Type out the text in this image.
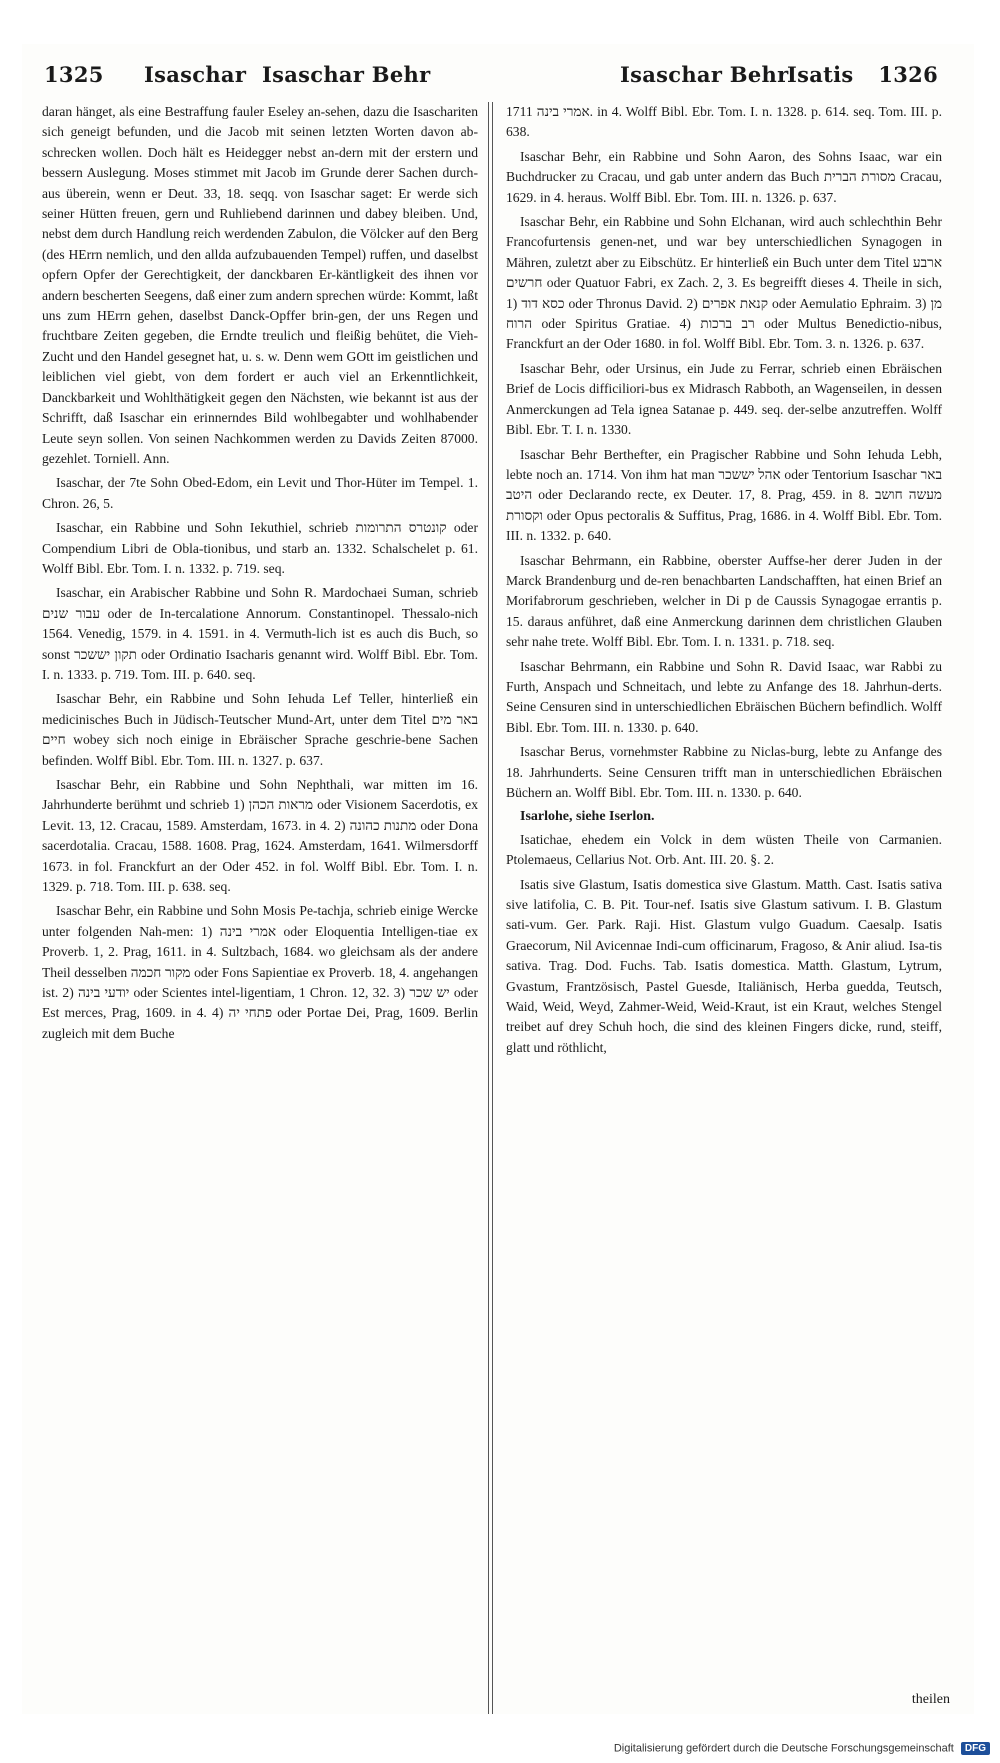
1325 Isaschar Isaschar Behr	Isaschar Behr
Isatis 1326

daran hänget, als eine Bestraffung fauler Eseley an-sehen, dazu die Isaschariten sich geneigt befunden, und die Jacob mit seinen letzten Worten davon ab-schrecken wollen. Doch hält es Heidegger nebst an-dern mit der erstern und bessern Auslegung. Moses stimmet mit Jacob im Grunde derer Sachen durch-aus überein, wenn er Deut. 33, 18. seqq. von Isaschar saget: Er werde sich seiner Hütten freuen, gern und Ruhliebend darinnen und dabey bleiben. Und, nebst dem durch Handlung reich werdenden Zabulon, die Völcker auf den Berg (des HErrn nemlich, und den allda aufzubauenden Tempel) ruffen, und daselbst opfern Opfer der Gerechtigkeit, der danckbaren Er-käntligkeit des ihnen vor andern bescherten Seegens, daß einer zum andern sprechen würde: Kommt, laßt uns zum HErrn gehen, daselbst Danck-Opffer brin-gen, der uns Regen und fruchtbare Zeiten gegeben, die Erndte treulich und fleißig behütet, die Vieh-Zucht und den Handel gesegnet hat, u. s. w. Denn wem GOtt im geistlichen und leiblichen viel giebt, von dem fordert er auch viel an Erkenntlichkeit, Danckbarkeit und Wohlthätigkeit gegen den Nächsten, wie bekannt ist aus der Schrifft, daß Isaschar ein erinnerndes Bild wohlbegabter und wohlhabender Leute seyn sollen. Von seinen Nachkommen werden zu Davids Zeiten 87000. gezehlet. Torniell. Ann.

Isaschar, der 7te Sohn Obed-Edom, ein Levit und Thor-Hüter im Tempel. 1. Chron. 26, 5.

Isaschar, ein Rabbine und Sohn Iekuthiel, schrieb קונטרס התרומות oder Compendium Libri de Obla-tionibus, und starb an. 1332. Schalschelet p. 61. Wolff Bibl. Ebr. Tom. I. n. 1332. p. 719. seq.

Isaschar, ein Arabischer Rabbine und Sohn R. Mardochaei Suman, schrieb עבור שנים oder de In-tercalatione Annorum. Constantinopel. Thessalo-nich 1564. Venedig, 1579. in 4. 1591. in 4. Vermuth-lich ist es auch dis Buch, so sonst תקון יששכר oder Ordinatio Isacharis genannt wird. Wolff Bibl. Ebr. Tom. I. n. 1333. p. 719. Tom. III. p. 640. seq.

Isaschar Behr, ein Rabbine und Sohn Iehuda Lef Teller, hinterließ ein medicinisches Buch in Jüdisch-Teutscher Mund-Art, unter dem Titel באר מים חיים wobey sich noch einige in Ebräischer Sprache geschrie-bene Sachen befinden. Wolff Bibl. Ebr. Tom. III. n. 1327. p. 637.

Isaschar Behr, ein Rabbine und Sohn Nephthali, war mitten im 16. Jahrhunderte berühmt und schrieb 1) מראות הכהן oder Visionem Sacerdotis, ex Levit. 13, 12. Cracau, 1589. Amsterdam, 1673. in 4. 2) מתנות כהונה oder Dona sacerdotalia. Cracau, 1588. 1608. Prag, 1624. Amsterdam, 1641. Wilmersdorff 1673. in fol. Franckfurt an der Oder 452. in fol. Wolff Bibl. Ebr. Tom. I. n. 1329. p. 718. Tom. III. p. 638. seq.

Isaschar Behr, ein Rabbine und Sohn Mosis Pe-tachja, schrieb einige Wercke unter folgenden Nah-men: 1) אמרי בינה oder Eloquentia Intelligen-tiae ex Proverb. 1, 2. Prag, 1611. in 4. Sultzbach, 1684. wo gleichsam als der andere Theil desselben מקור חכמה oder Fons Sapientiae ex Proverb. 18, 4. angehangen ist. 2) יודעי בינה oder Scientes intel-ligentiam, 1 Chron. 12, 32. 3) יש שכר oder Est merces, Prag, 1609. in 4. 4) פתחי יה oder Portae Dei, Prag, 1609. Berlin zugleich mit dem Buche

אמרי בינה 1711. in 4. Wolff Bibl. Ebr. Tom. I. n. 1328. p. 614. seq. Tom. III. p. 638.

Isaschar Behr, ein Rabbine und Sohn Aaron, des Sohns Isaac, war ein Buchdrucker zu Cracau, und gab unter andern das Buch מסורת הברית Cracau, 1629. in 4. heraus. Wolff Bibl. Ebr. Tom. III. n. 1326. p. 637.

Isaschar Behr, ein Rabbine und Sohn Elchanan, wird auch schlechthin Behr Francofurtensis genen-net, und war bey unterschiedlichen Synagogen in Mähren, zuletzt aber zu Eibschütz. Er hinterließ ein Buch unter dem Titel ארבע חרשים oder Quatuor Fabri, ex Zach. 2, 3. Es begreifft dieses 4. Theile in sich, 1) כסא דוד oder Thronus David. 2) קנאת אפרים oder Aemulatio Ephraim. 3) מן הרוח oder Spiritus Gratiae. 4) רב ברכות oder Multus Benedictio-nibus, Franckfurt an der Oder 1680. in fol. Wolff Bibl. Ebr. Tom. 3. n. 1326. p. 637.

Isaschar Behr, oder Ursinus, ein Jude zu Ferrar, schrieb einen Ebräischen Brief de Locis difficiliori-bus ex Midrasch Rabboth, an Wagenseilen, in dessen Anmerckungen ad Tela ignea Satanae p. 449. seq. der-selbe anzutreffen. Wolff Bibl. Ebr. T. I. n. 1330.

Isaschar Behr Berthefter, ein Pragischer Rabbine und Sohn Iehuda Lebh, lebte noch an. 1714. Von ihm hat man אהל יששכר oder Tentorium Isaschar באר היטב oder Declarando recte, ex Deuter. 17, 8. Prag, 459. in 8. מעשה חושב וקסורת oder Opus pectoralis & Suffitus, Prag, 1686. in 4. Wolff Bibl. Ebr. Tom. III. n. 1332. p. 640.

Isaschar Behrmann, ein Rabbine, oberster Auffse-her derer Juden in der Marck Brandenburg und de-ren benachbarten Landschafften, hat einen Brief an Morifabrorum geschrieben, welcher in Di p de Caussis Synagogae errantis p. 15. daraus anführet, daß eine Anmerckung darinnen dem christlichen Glauben sehr nahe trete. Wolff Bibl. Ebr. Tom. I. n. 1331. p. 718. seq.

Isaschar Behrmann, ein Rabbine und Sohn R. David Isaac, war Rabbi zu Furth, Anspach und Schneitach, und lebte zu Anfange des 18. Jahrhun-derts. Seine Censuren sind in unterschiedlichen Ebräischen Büchern befindlich. Wolff Bibl. Ebr. Tom. III. n. 1330. p. 640.

Isaschar Berus, vornehmster Rabbine zu Niclas-burg, lebte zu Anfange des 18. Jahrhunderts. Seine Censuren trifft man in unterschiedlichen Ebräischen Büchern an. Wolff Bibl. Ebr. Tom. III. n. 1330. p. 640.

Isarlohe, siehe Iserlon.

Isatichae, ehedem ein Volck in dem wüsten Theile von Carmanien. Ptolemaeus, Cellarius Not. Orb. Ant. III. 20. §. 2.

Isatis sive Glastum, Isatis domestica sive Glastum. Matth. Cast. Isatis sativa sive latifolia, C. B. Pit. Tour-nef. Isatis sive Glastum sativum. I. B. Glastum sati-vum. Ger. Park. Raji. Hist. Glastum vulgo Guadum. Caesalp. Isatis Graecorum, Nil Avicennae Indi-cum officinarum, Fragoso, & Anir aliud. Isa-tis sativa. Trag. Dod. Fuchs. Tab. Isatis domestica. Matth. Glastum, Lytrum, Gvastum, Frantzösisch, Pastel Guesde, Italiänisch, Herba guedda, Teutsch, Waid, Weid, Weyd, Zahmer-Weid, Weid-Kraut, ist ein Kraut, welches Stengel treibet auf drey Schuh hoch, die sind des kleinen Fingers dicke, rund, steiff, glatt und röthlicht,

theilen
Digitalisierung gefördert durch die Deutsche Forschungsgemeinschaft DFG
